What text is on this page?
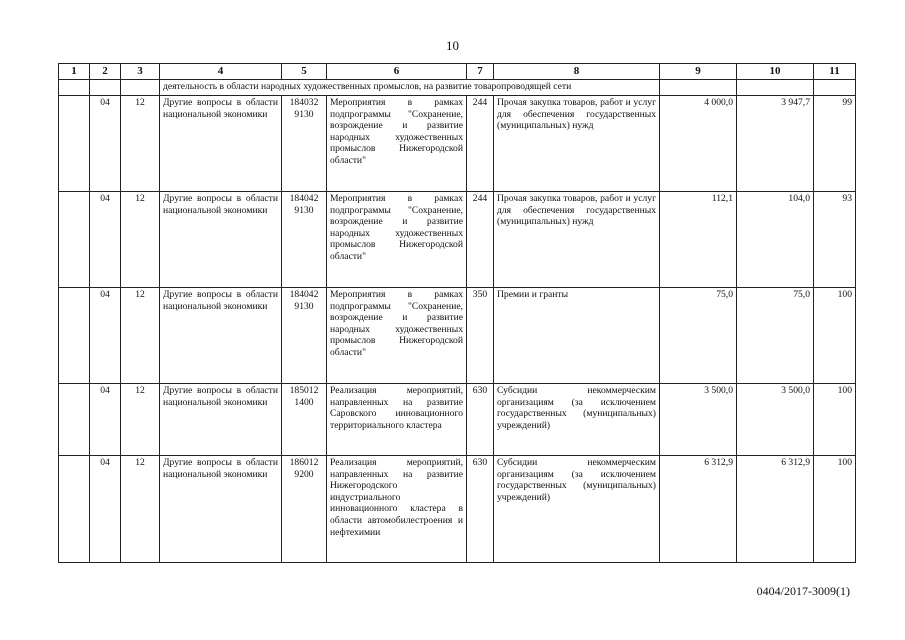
10
1	2	3	4	5	6	7	8	9	10	11
			деятельность в области народных художественных промыслов, на развитие товаропроводящей сети							
	04	12	Другие вопросы в области национальной экономики	184032 9130	Мероприятия в рамках подпрограммы "Сохранение, возрождение и развитие народных художественных промыслов Нижегородской области"	244	Прочая закупка товаров, работ и услуг для обеспечения государственных (муниципальных) нужд	4 000,0	3 947,7	99
	04	12	Другие вопросы в области национальной экономики	184042 9130	Мероприятия в рамках подпрограммы "Сохранение, возрождение и развитие народных художественных промыслов Нижегородской области"	244	Прочая закупка товаров, работ и услуг для обеспечения государственных (муниципальных) нужд	112,1	104,0	93
	04	12	Другие вопросы в области национальной экономики	184042 9130	Мероприятия в рамках подпрограммы "Сохранение, возрождение и развитие народных художественных промыслов Нижегородской области"	350	Премии и гранты	75,0	75,0	100
	04	12	Другие вопросы в области национальной экономики	185012 1400	Реализация мероприятий, направленных на развитие Саровского инновационного территориального кластера	630	Субсидии некоммерческим организациям (за исключением государственных (муниципальных) учреждений)	3 500,0	3 500,0	100
	04	12	Другие вопросы в области национальной экономики	186012 9200	Реализация мероприятий, направленных на развитие Нижегородского индустриального инновационного кластера в области автомобилестроения и нефтехимии	630	Субсидии некоммерческим организациям (за исключением государственных (муниципальных) учреждений)	6 312,9	6 312,9	100
0404/2017-3009(1)
